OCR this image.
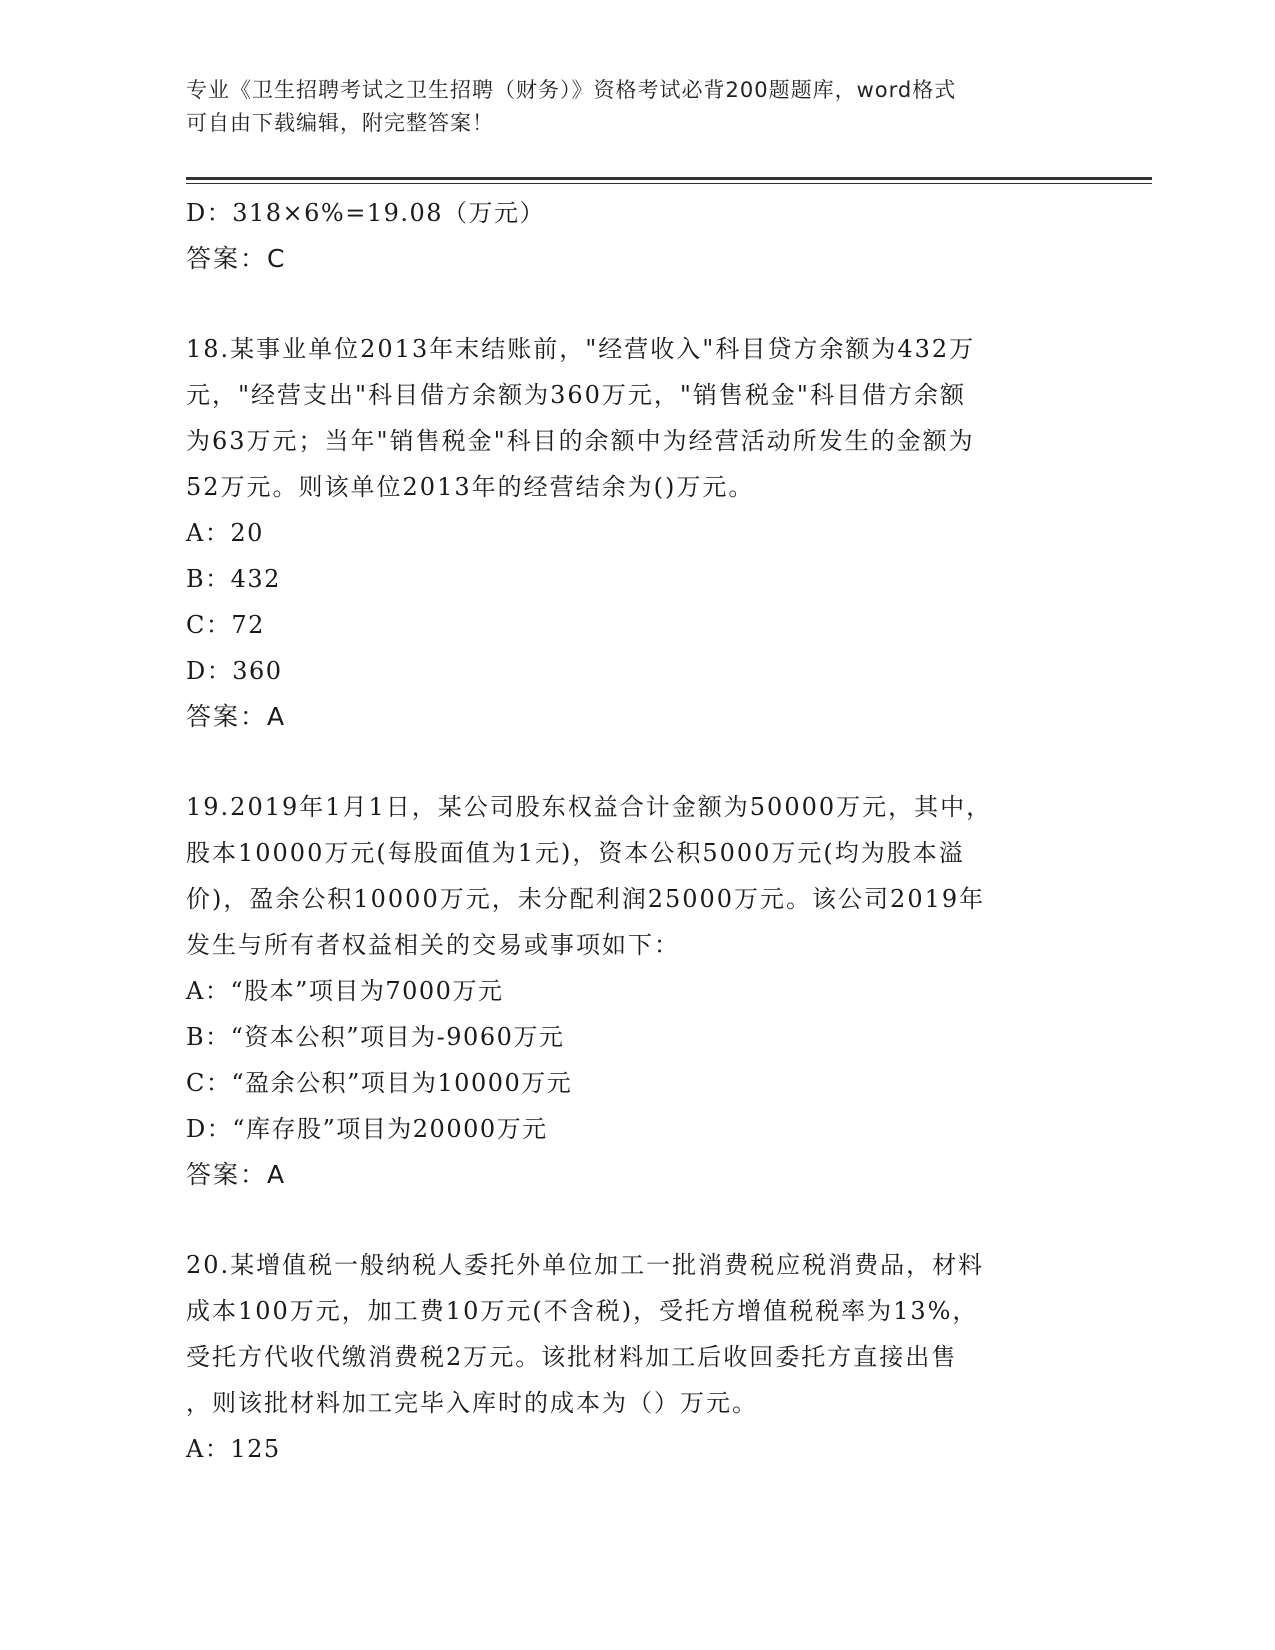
专业《卫生招聘考试之卫生招聘（财务）》资格考试必背200题题库，word格式
可自由下载编辑，附完整答案！
D：318×6%=19.08（万元）
答案：C
18.某事业单位2013年末结账前，"经营收入"科目贷方余额为432万
元，"经营支出"科目借方余额为360万元，"销售税金"科目借方余额
为63万元；当年"销售税金"科目的余额中为经营活动所发生的金额为
52万元。则该单位2013年的经营结余为()万元。
A：20
B：432
C：72
D：360
答案：A
19.2019年1月1日，某公司股东权益合计金额为50000万元，其中，
股本10000万元(每股面值为1元)，资本公积5000万元(均为股本溢
价)，盈余公积10000万元，未分配利润25000万元。该公司2019年
发生与所有者权益相关的交易或事项如下：
A：“股本”项目为7000万元
B：“资本公积”项目为-9060万元
C：“盈余公积”项目为10000万元
D：“库存股”项目为20000万元
答案：A
20.某增值税一般纳税人委托外单位加工一批消费税应税消费品，材料
成本100万元，加工费10万元(不含税)，受托方增值税税率为13%，
受托方代收代缴消费税2万元。该批材料加工后收回委托方直接出售
，则该批材料加工完毕入库时的成本为（）万元。
A：125
